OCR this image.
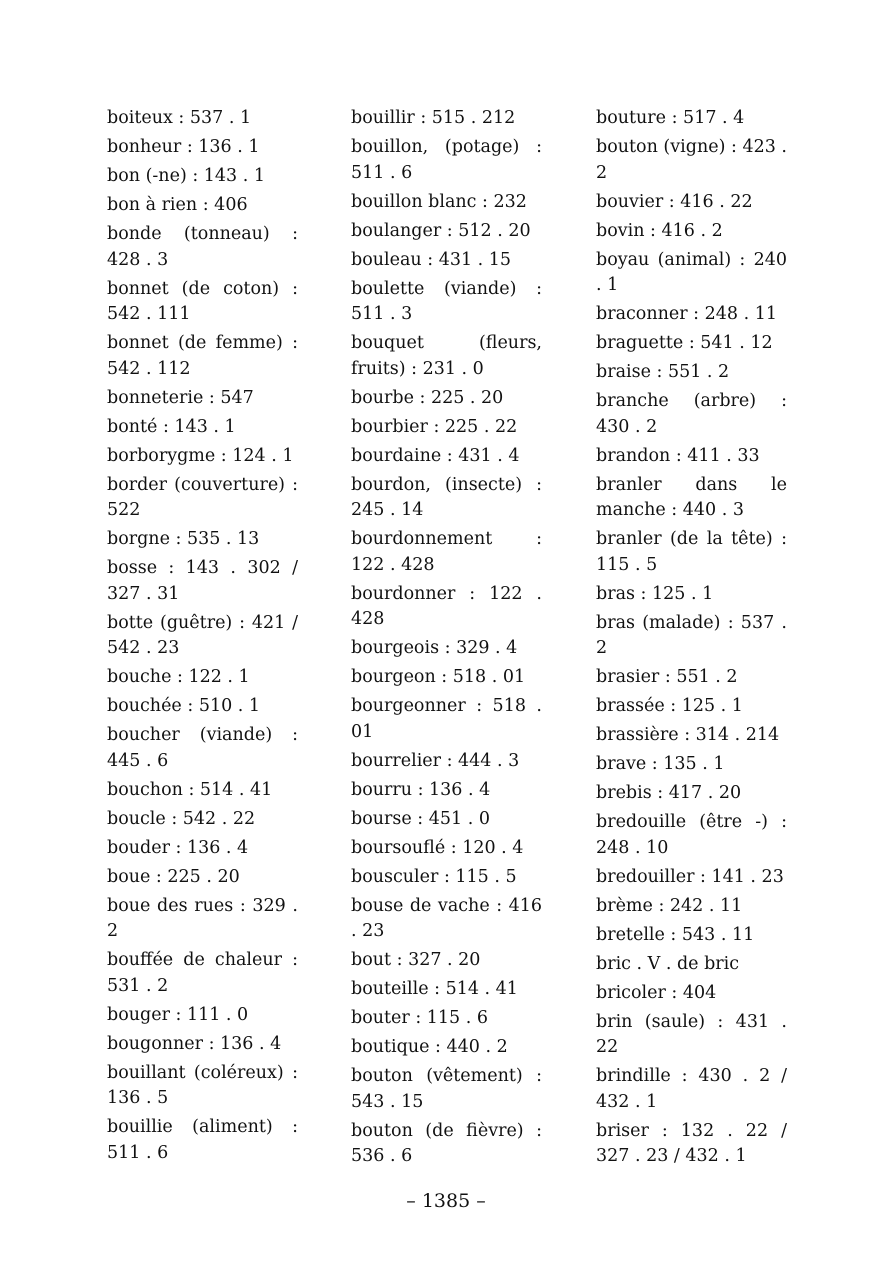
boiteux : 537 . 1
bonheur : 136 . 1
bon (-ne) : 143 . 1
bon à rien : 406
bonde (tonneau) : 428 . 3
bonnet (de coton) : 542 . 111
bonnet (de femme) : 542 . 112
bonneterie : 547
bonté : 143 . 1
borborygme : 124 . 1
border (couverture) : 522
borgne : 535 . 13
bosse : 143 . 302 / 327 . 31
botte (guêtre) : 421 / 542 . 23
bouche : 122 . 1
bouchée : 510 . 1
boucher (viande) : 445 . 6
bouchon : 514 . 41
boucle : 542 . 22
bouder : 136 . 4
boue : 225 . 20
boue des rues : 329 . 2
bouffée de chaleur : 531 . 2
bouger : 111 . 0
bougonner : 136 . 4
bouillant (coléreux) : 136 . 5
bouillie (aliment) : 511 . 6
bouillir : 515 . 212
bouillon, (potage) : 511 . 6
bouillon blanc : 232
boulanger : 512 . 20
bouleau : 431 . 15
boulette (viande) : 511 . 3
bouquet (fleurs, fruits) : 231 . 0
bourbe : 225 . 20
bourbier : 225 . 22
bourdaine : 431 . 4
bourdon, (insecte) : 245 . 14
bourdonnement : 122 . 428
bourdonner : 122 . 428
bourgeois : 329 . 4
bourgeon : 518 . 01
bourgeonner : 518 . 01
bourrelier : 444 . 3
bourru : 136 . 4
bourse : 451 . 0
boursouflé : 120 . 4
bousculer : 115 . 5
bouse de vache : 416 . 23
bout : 327 . 20
bouteille : 514 . 41
bouter : 115 . 6
boutique : 440 . 2
bouton (vêtement) : 543 . 15
bouton (de fièvre) : 536 . 6
bouture : 517 . 4
bouton (vigne) : 423 . 2
bouvier : 416 . 22
bovin : 416 . 2
boyau (animal) : 240 . 1
braconner : 248 . 11
braguette : 541 . 12
braise : 551 . 2
branche (arbre) : 430 . 2
brandon : 411 . 33
branler dans le manche : 440 . 3
branler (de la tête) : 115 . 5
bras : 125 . 1
bras (malade) : 537 . 2
brasier : 551 . 2
brassée : 125 . 1
brassière : 314 . 214
brave : 135 . 1
brebis : 417 . 20
bredouille (être -) : 248 . 10
bredouiller : 141 . 23
brème : 242 . 11
bretelle : 543 . 11
bric . V . de bric
bricoler : 404
brin (saule) : 431 . 22
brindille : 430 . 2 / 432 . 1
briser : 132 . 22 / 327 . 23 / 432 . 1
– 1385 –
